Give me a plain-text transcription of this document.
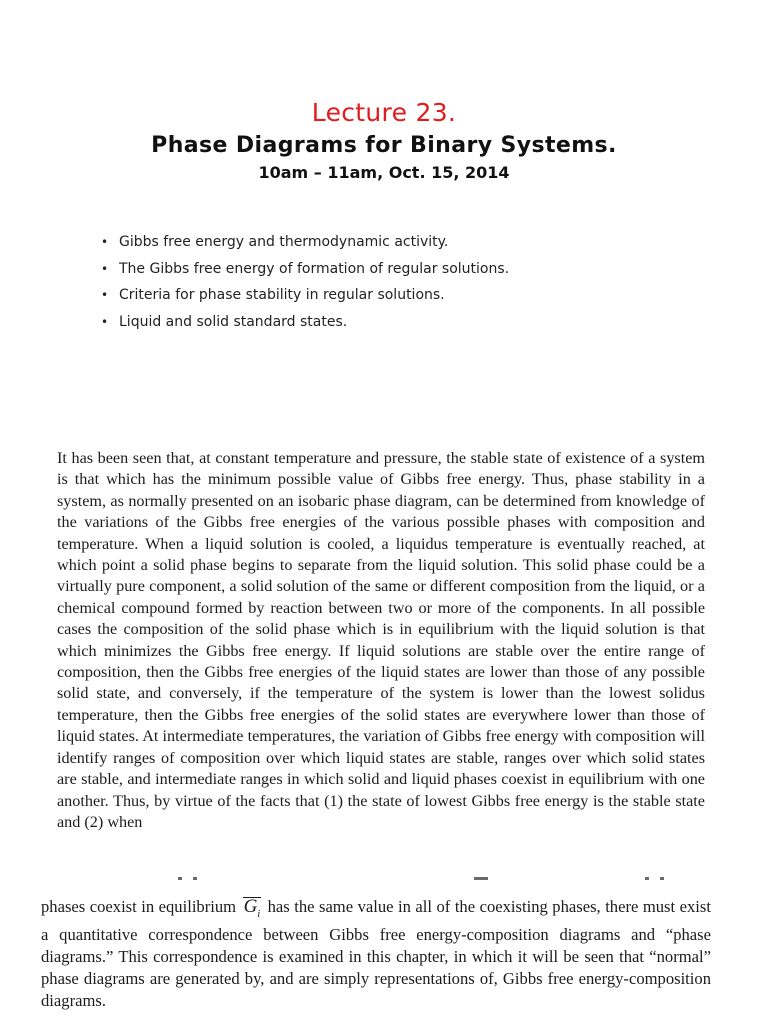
Lecture 23.
Phase Diagrams for Binary Systems.
10am – 11am, Oct. 15, 2014
• Gibbs free energy and thermodynamic activity.
• The Gibbs free energy of formation of regular solutions.
• Criteria for phase stability in regular solutions.
• Liquid and solid standard states.
It has been seen that, at constant temperature and pressure, the stable state of existence of a system is that which has the minimum possible value of Gibbs free energy. Thus, phase stability in a system, as normally presented on an isobaric phase diagram, can be determined from knowledge of the variations of the Gibbs free energies of the various possible phases with composition and temperature. When a liquid solution is cooled, a liquidus temperature is eventually reached, at which point a solid phase begins to separate from the liquid solution. This solid phase could be a virtually pure component, a solid solution of the same or different composition from the liquid, or a chemical compound formed by reaction between two or more of the components. In all possible cases the composition of the solid phase which is in equilibrium with the liquid solution is that which minimizes the Gibbs free energy. If liquid solutions are stable over the entire range of composition, then the Gibbs free energies of the liquid states are lower than those of any possible solid state, and conversely, if the temperature of the system is lower than the lowest solidus temperature, then the Gibbs free energies of the solid states are everywhere lower than those of liquid states. At intermediate temperatures, the variation of Gibbs free energy with composition will identify ranges of composition over which liquid states are stable, ranges over which solid states are stable, and intermediate ranges in which solid and liquid phases coexist in equilibrium with one another. Thus, by virtue of the facts that (1) the state of lowest Gibbs free energy is the stable state and (2) when
phases coexist in equilibrium $G_i$ has the same value in all of the coexisting phases, there must exist a quantitative correspondence between Gibbs free energy-composition diagrams and “phase diagrams.” This correspondence is examined in this chapter, in which it will be seen that “normal” phase diagrams are generated by, and are simply representations of, Gibbs free energy-composition diagrams.
